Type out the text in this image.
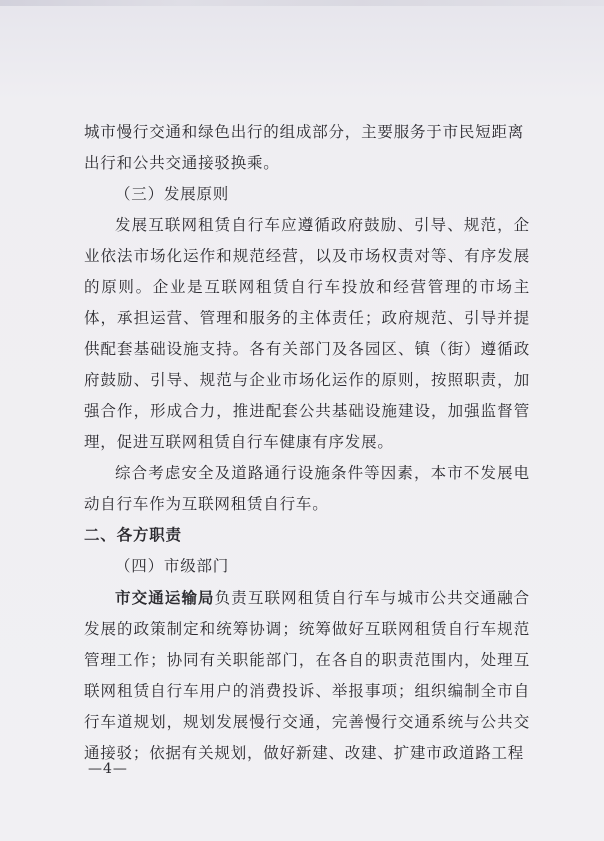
城市慢行交通和绿色出行的组成部分，主要服务于市民短距离

出行和公共交通接驳换乘。

（三）发展原则

发展互联网租赁自行车应遵循政府鼓励、引导、规范，企业依法市场化运作和规范经营，以及市场权责对等、有序发展的原则。企业是互联网租赁自行车投放和经营管理的市场主体，承担运营、管理和服务的主体责任；政府规范、引导并提供配套基础设施支持。各有关部门及各园区、镇（街）遵循政府鼓励、引导、规范与企业市场化运作的原则，按照职责，加强合作，形成合力，推进配套公共基础设施建设，加强监督管理，促进互联网租赁自行车健康有序发展。

综合考虑安全及道路通行设施条件等因素，本市不发展电动自行车作为互联网租赁自行车。

二、各方职责

（四）市级部门

市交通运输局负责互联网租赁自行车与城市公共交通融合发展的政策制定和统筹协调；统筹做好互联网租赁自行车规范管理工作；协同有关职能部门，在各自的职责范围内，处理互联网租赁自行车用户的消费投诉、举报事项；组织编制全市自行车道规划，规划发展慢行交通，完善慢行交通系统与公共交通接驳；依据有关规划，做好新建、改建、扩建市政道路工程

—4—
